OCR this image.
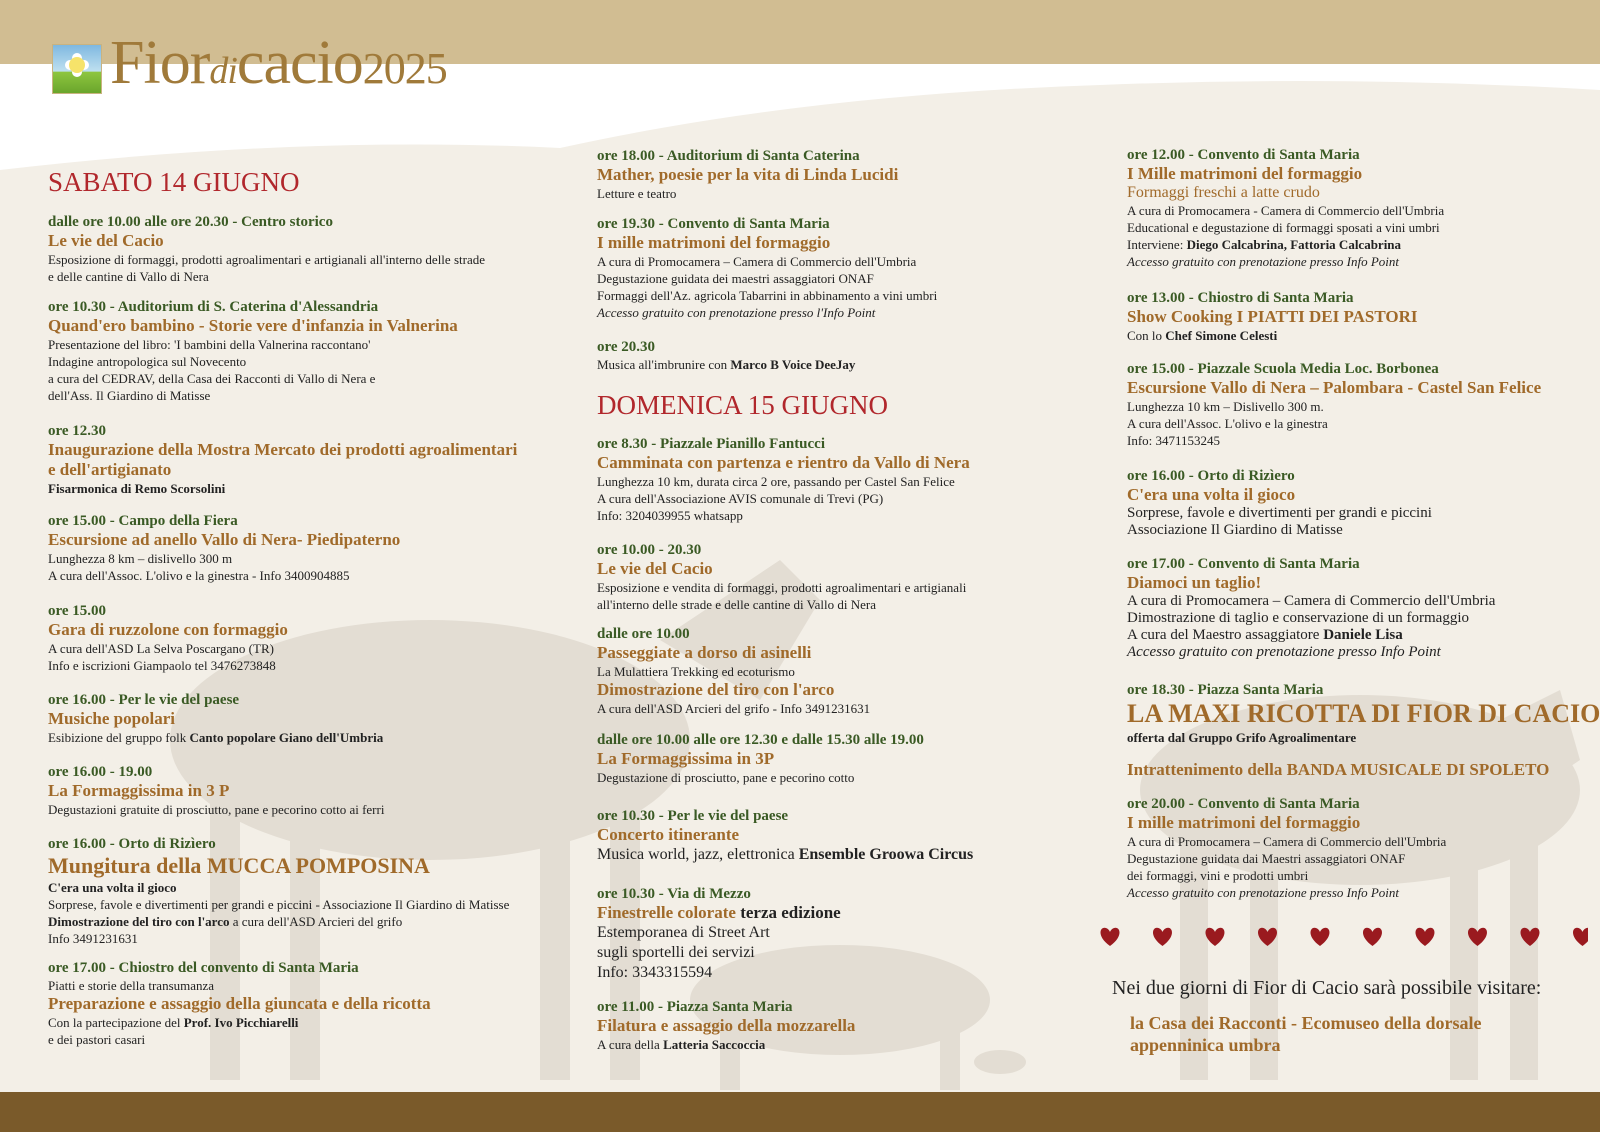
Fiordicacio2025
SABATO 14 GIUGNO
dalle ore 10.00 alle ore 20.30 - Centro storico
Le vie del Cacio
Esposizione di formaggi, prodotti agroalimentari e artigianali all'interno delle strade
e delle cantine di Vallo di Nera
ore 10.30 - Auditorium di S. Caterina d'Alessandria
Quand'ero bambino - Storie vere d'infanzia in Valnerina
Presentazione del libro: 'I bambini della Valnerina raccontano'
Indagine antropologica sul Novecento
a cura del CEDRAV, della Casa dei Racconti di Vallo di Nera e
dell'Ass. Il Giardino di Matisse
ore 12.30
Inaugurazione della Mostra Mercato dei prodotti agroalimentari
e dell'artigianato
Fisarmonica di Remo Scorsolini
ore 15.00 - Campo della Fiera
Escursione ad anello Vallo di Nera- Piedipaterno
Lunghezza 8 km – dislivello 300 m
A cura dell'Assoc. L'olivo e la ginestra - Info 3400904885
ore 15.00
Gara di ruzzolone con formaggio
A cura dell'ASD La Selva Poscargano (TR)
Info e iscrizioni Giampaolo tel 3476273848
ore 16.00 - Per le vie del paese
Musiche popolari
Esibizione del gruppo folk Canto popolare Giano dell'Umbria
ore 16.00 - 19.00
La Formaggissima in 3 P
Degustazioni gratuite di prosciutto, pane e pecorino cotto ai ferri
ore 16.00 - Orto di Rizìero
Mungitura della MUCCA POMPOSINA
C'era una volta il gioco
Sorprese, favole e divertimenti per grandi e piccini - Associazione Il Giardino di Matisse
Dimostrazione del tiro con l'arco a cura dell'ASD Arcieri del grifo
Info 3491231631
ore 17.00 - Chiostro del convento di Santa Maria
Piatti e storie della transumanza
Preparazione e assaggio della giuncata e della ricotta
Con la partecipazione del Prof. Ivo Picchiarelli
e dei pastori casari
ore 18.00 - Auditorium di Santa Caterina
Mather, poesie per la vita di Linda Lucidi
Letture e teatro
ore 19.30 - Convento di Santa Maria
I mille matrimoni del formaggio
A cura di Promocamera – Camera di Commercio dell'Umbria
Degustazione guidata dei maestri assaggiatori ONAF
Formaggi dell'Az. agricola Tabarrini in abbinamento a vini umbri
Accesso gratuito con prenotazione presso l'Info Point
ore 20.30
Musica all'imbrunire con Marco B Voice DeeJay
DOMENICA 15 GIUGNO
ore 8.30 - Piazzale Pianillo Fantucci
Camminata con partenza e rientro da Vallo di Nera
Lunghezza 10 km, durata circa 2 ore, passando per Castel San Felice
A cura dell'Associazione AVIS comunale di Trevi (PG)
Info: 3204039955 whatsapp
ore 10.00 - 20.30
Le vie del Cacio
Esposizione e vendita di formaggi, prodotti agroalimentari e artigianali
all'interno delle strade e delle cantine di Vallo di Nera
dalle ore 10.00
Passeggiate a dorso di asinelli
La Mulattiera Trekking ed ecoturismo
Dimostrazione del tiro con l'arco
A cura dell'ASD Arcieri del grifo - Info 3491231631
dalle ore 10.00 alle ore 12.30 e dalle 15.30 alle 19.00
La Formaggissima in 3P
Degustazione di prosciutto, pane e pecorino cotto
ore 10.30 - Per le vie del paese
Concerto itinerante
Musica world, jazz, elettronica Ensemble Groowa Circus
ore 10.30 - Via di Mezzo
Finestrelle colorate terza edizione
Estemporanea di Street Art
sugli sportelli dei servizi
Info: 3343315594
ore 11.00 - Piazza Santa Maria
Filatura e assaggio della mozzarella
A cura della Latteria Saccoccia
ore 12.00 - Convento di Santa Maria
I Mille matrimoni del formaggio
Formaggi freschi a latte crudo
A cura di Promocamera - Camera di Commercio dell'Umbria
Educational e degustazione di formaggi sposati a vini umbri
Interviene: Diego Calcabrina, Fattoria Calcabrina
Accesso gratuito con prenotazione presso Info Point
ore 13.00 - Chiostro di Santa Maria
Show Cooking I PIATTI DEI PASTORI
Con lo Chef Simone Celesti
ore 15.00 - Piazzale Scuola Media Loc. Borbonea
Escursione Vallo di Nera – Palombara - Castel San Felice
Lunghezza 10 km – Dislivello 300 m.
A cura dell'Assoc. L'olivo e la ginestra
Info: 3471153245
ore 16.00 - Orto di Rizìero
C'era una volta il gioco
Sorprese, favole e divertimenti per grandi e piccini
Associazione Il Giardino di Matisse
ore 17.00 - Convento di Santa Maria
Diamoci un taglio!
A cura di Promocamera – Camera di Commercio dell'Umbria
Dimostrazione di taglio e conservazione di un formaggio
A cura del Maestro assaggiatore Daniele Lisa
Accesso gratuito con prenotazione presso Info Point
ore 18.30 - Piazza Santa Maria
LA MAXI RICOTTA DI FIOR DI CACIO
offerta dal Gruppo Grifo Agroalimentare
Intrattenimento della BANDA MUSICALE DI SPOLETO
ore 20.00 - Convento di Santa Maria
I mille matrimoni del formaggio
A cura di Promocamera – Camera di Commercio dell'Umbria
Degustazione guidata dai Maestri assaggiatori ONAF
dei formaggi, vini e prodotti umbri
Accesso gratuito con prenotazione presso Info Point
Nei due giorni di Fior di Cacio sarà possibile visitare:
la Casa dei Racconti - Ecomuseo della dorsale appenninica umbra
